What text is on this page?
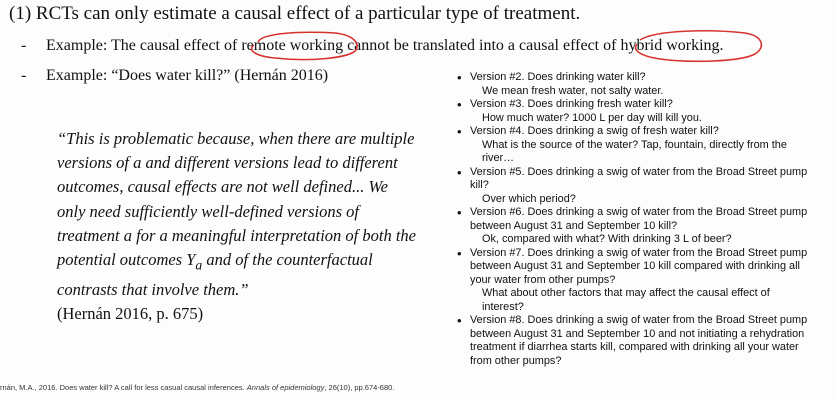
(1) RCTs can only estimate a causal effect of a particular type of treatment.
- Example: The causal effect of remote working cannot be translated into a causal effect of hybrid working.
- Example: “Does water kill?” (Hernán 2016)
“This is problematic because, when there are multiple versions of a and different versions lead to different outcomes, causal effects are not well defined... We only need sufficiently well-defined versions of treatment a for a meaningful interpretation of both the potential outcomes $Y_a$ and of the counterfactual contrasts that involve them.”
(Hernán 2016, p. 675)
• Version #2. Does drinking water kill?
We mean fresh water, not salty water.
• Version #3. Does drinking fresh water kill?
How much water? 1000 L per day will kill you.
• Version #4. Does drinking a swig of fresh water kill?
What is the source of the water? Tap, fountain, directly from the river…
• Version #5. Does drinking a swig of water from the Broad Street pump kill?
Over which period?
• Version #6. Does drinking a swig of water from the Broad Street pump between August 31 and September 10 kill?
Ok, compared with what? With drinking 3 L of beer?
• Version #7. Does drinking a swig of water from the Broad Street pump between August 31 and September 10 kill compared with drinking all your water from other pumps?
What about other factors that may affect the causal effect of interest?
• Version #8. Does drinking a swig of water from the Broad Street pump between August 31 and September 10 and not initiating a rehydration treatment if diarrhea starts kill, compared with drinking all your water from other pumps?
rnán, M.A., 2016. Does water kill? A call for less casual causal inferences. Annals of epidemiology, 26(10), pp.674-680.
